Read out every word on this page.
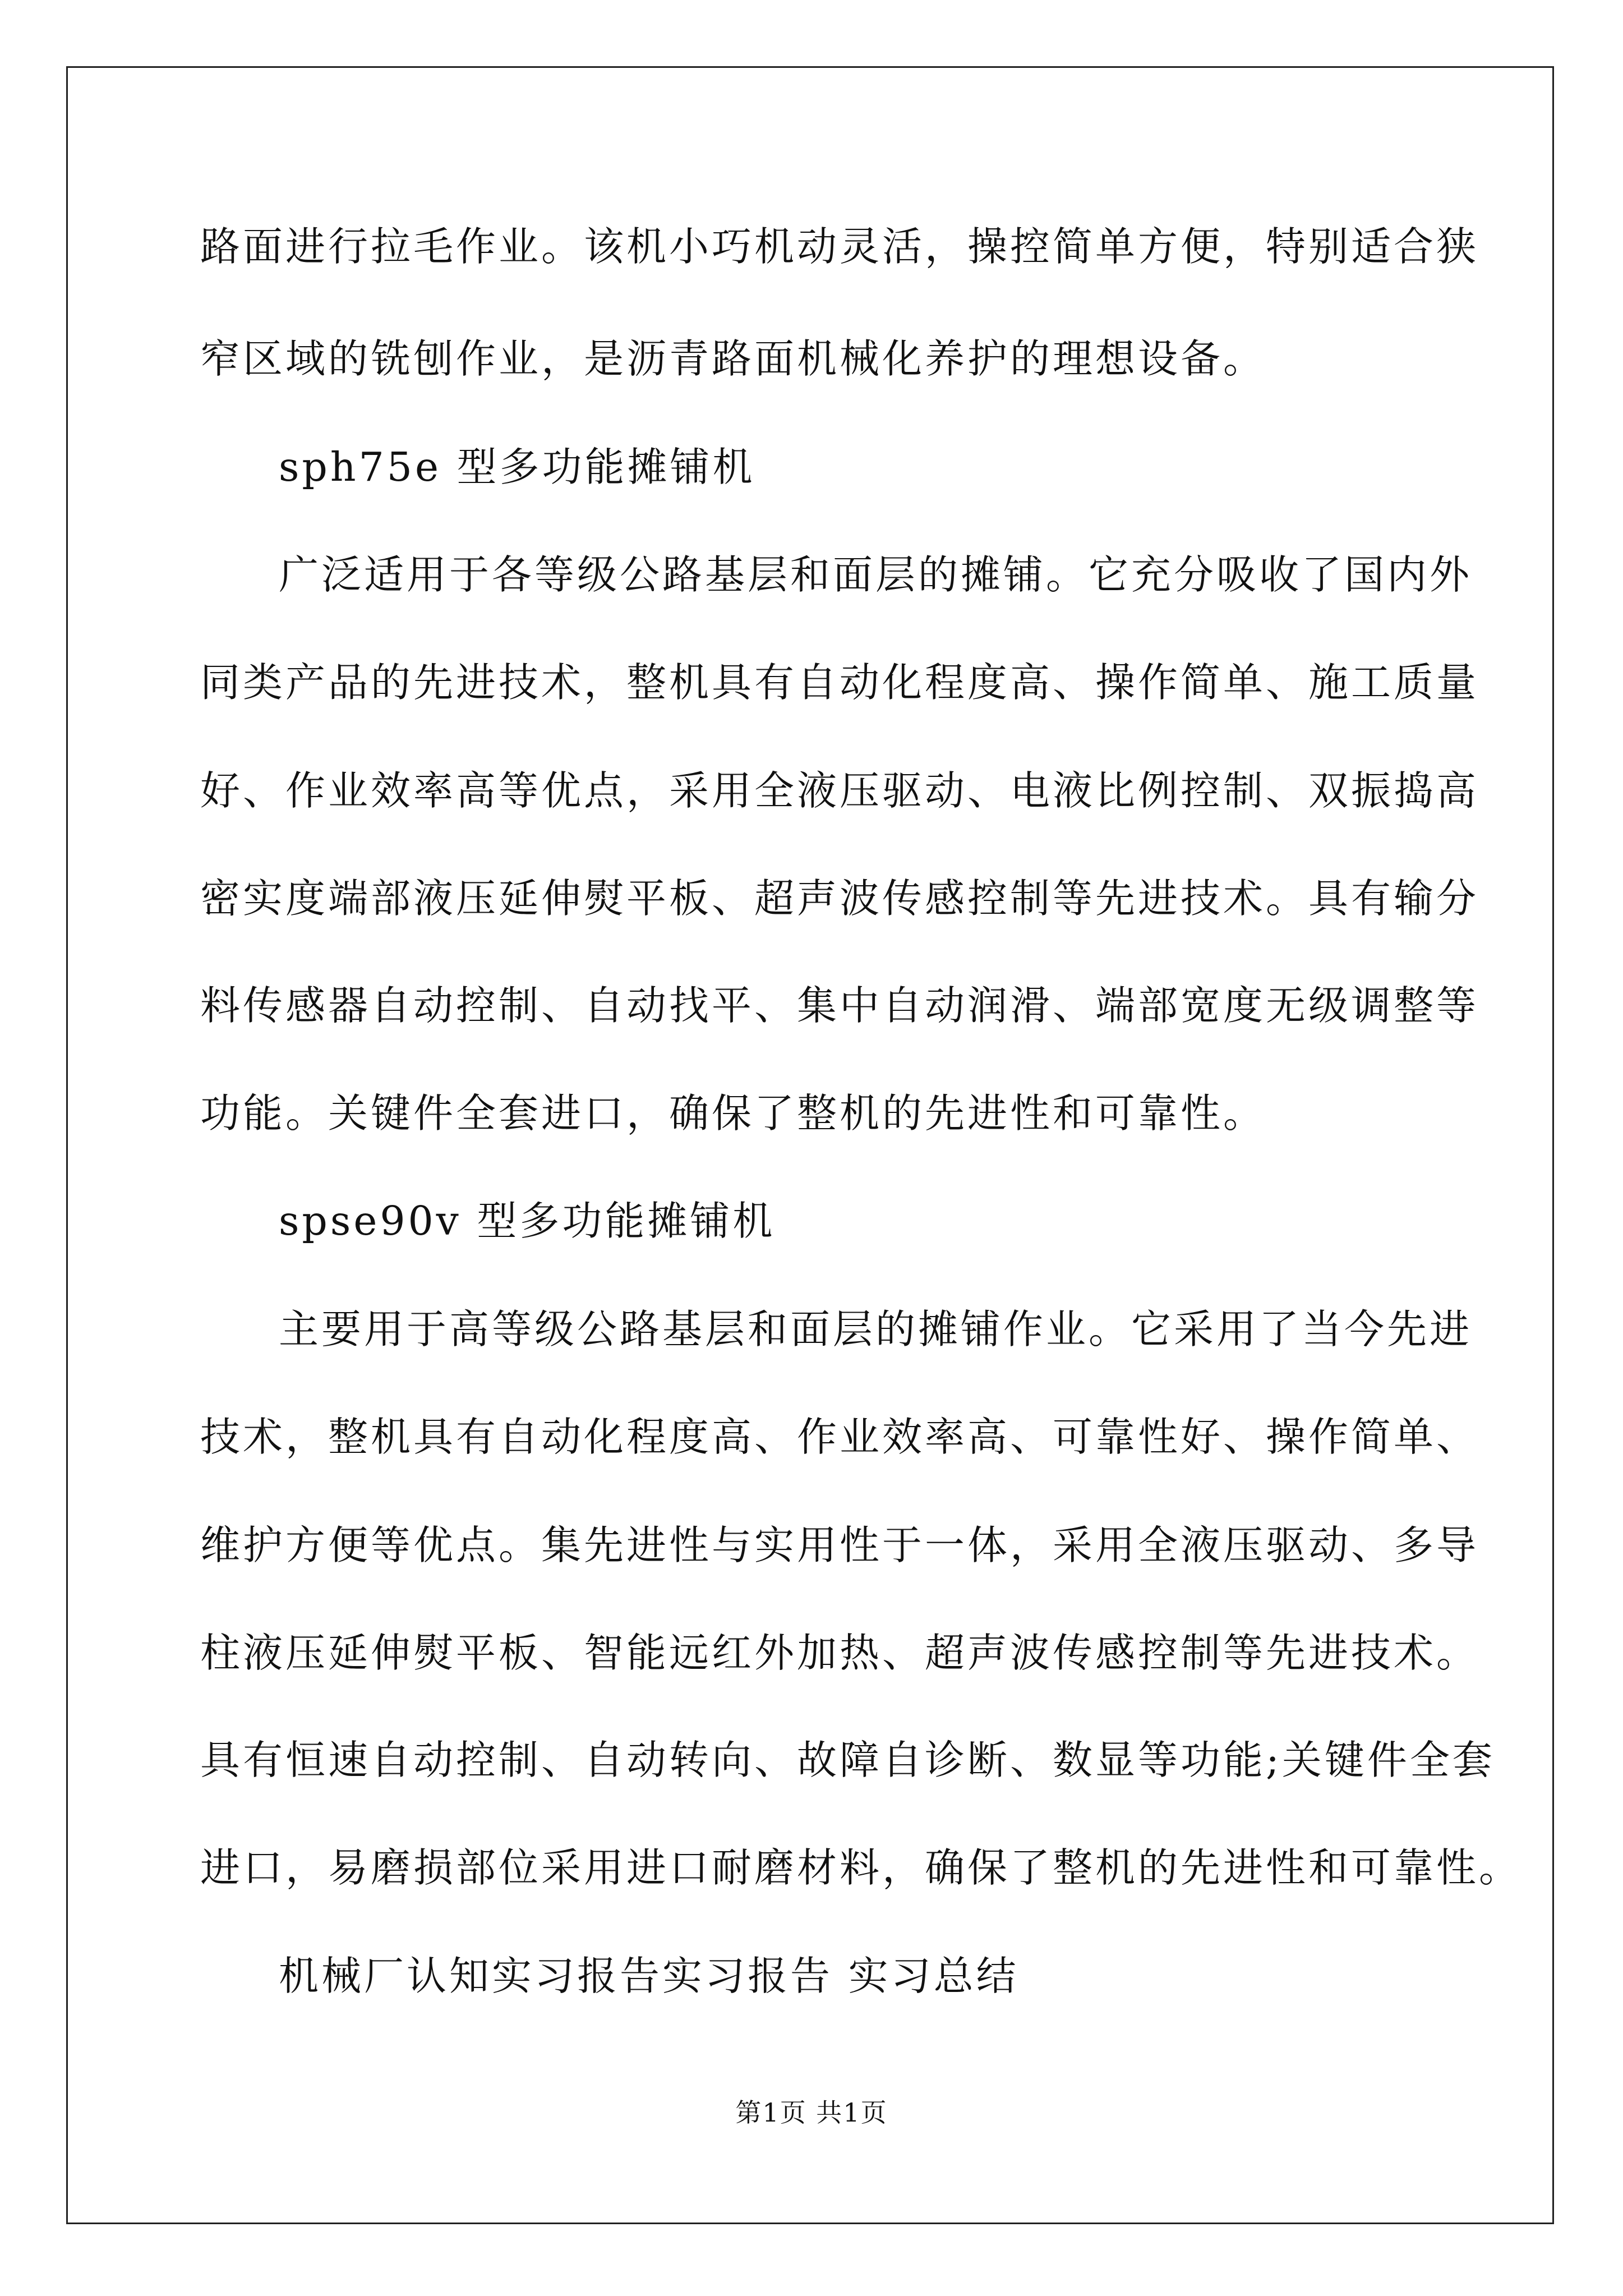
路面进行拉毛作业。该机小巧机动灵活，操控简单方便，特别适合狭
窄区域的铣刨作业，是沥青路面机械化养护的理想设备。
sph75e 型多功能摊铺机
广泛适用于各等级公路基层和面层的摊铺。它充分吸收了国内外
同类产品的先进技术，整机具有自动化程度高、操作简单、施工质量
好、作业效率高等优点，采用全液压驱动、电液比例控制、双振捣高
密实度端部液压延伸熨平板、超声波传感控制等先进技术。具有输分
料传感器自动控制、自动找平、集中自动润滑、端部宽度无级调整等
功能。关键件全套进口，确保了整机的先进性和可靠性。
spse90v 型多功能摊铺机
主要用于高等级公路基层和面层的摊铺作业。它采用了当今先进
技术，整机具有自动化程度高、作业效率高、可靠性好、操作简单、
维护方便等优点。集先进性与实用性于一体，采用全液压驱动、多导
柱液压延伸熨平板、智能远红外加热、超声波传感控制等先进技术。
具有恒速自动控制、自动转向、故障自诊断、数显等功能;关键件全套
进口，易磨损部位采用进口耐磨材料，确保了整机的先进性和可靠性。
机械厂认知实习报告实习报告 实习总结
第1页 共1页
